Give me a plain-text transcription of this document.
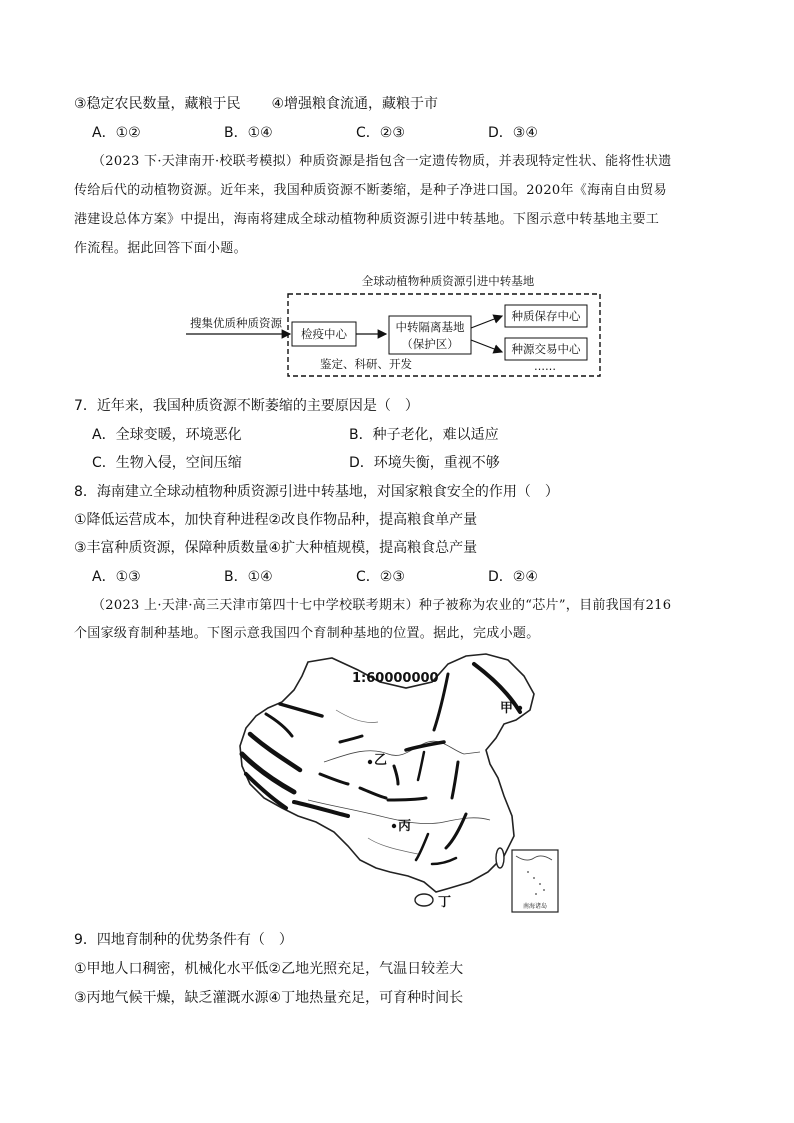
③稳定农民数量，藏粮于民 ④增强粮食流通，藏粮于市
A．①②	B．①④	C．②③	D．③④
（2023 下·天津南开·校联考模拟）种质资源是指包含一定遗传物质，并表现特定性状、能将性状遗
传给后代的动植物资源。近年来，我国种质资源不断萎缩，是种子净进口国。2020年《海南自由贸易
港建设总体方案》中提出，海南将建成全球动植物种质资源引进中转基地。下图示意中转基地主要工
作流程。据此回答下面小题。
全球动植物种质资源引进中转基地
搜集优质种质资源
检疫中心	中转隔离基地
（保护区）
种质保存中心
种源交易中心
鉴定、科研、开发	……
7．近年来，我国种质资源不断萎缩的主要原因是（　）
A．全球变暖，环境恶化	B．种子老化，难以适应
C．生物入侵，空间压缩	D．环境失衡，重视不够
8．海南建立全球动植物种质资源引进中转基地，对国家粮食安全的作用（　）
①降低运营成本，加快育种进程②改良作物品种，提高粮食单产量
③丰富种质资源，保障种质数量④扩大种植规模，提高粮食总产量
A．①③	B．①④	C．②③	D．②④
（2023 上·天津·高三天津市第四十七中学校联考期末）种子被称为农业的“芯片”，目前我国有216
个国家级育制种基地。下图示意我国四个育制种基地的位置。据此，完成小题。
1:60000000
乙
甲
丙
丁	南海诸岛
9．四地育制种的优势条件有（　）
①甲地人口稠密，机械化水平低②乙地光照充足，气温日较差大
③丙地气候干燥，缺乏灌溉水源④丁地热量充足，可育种时间长
